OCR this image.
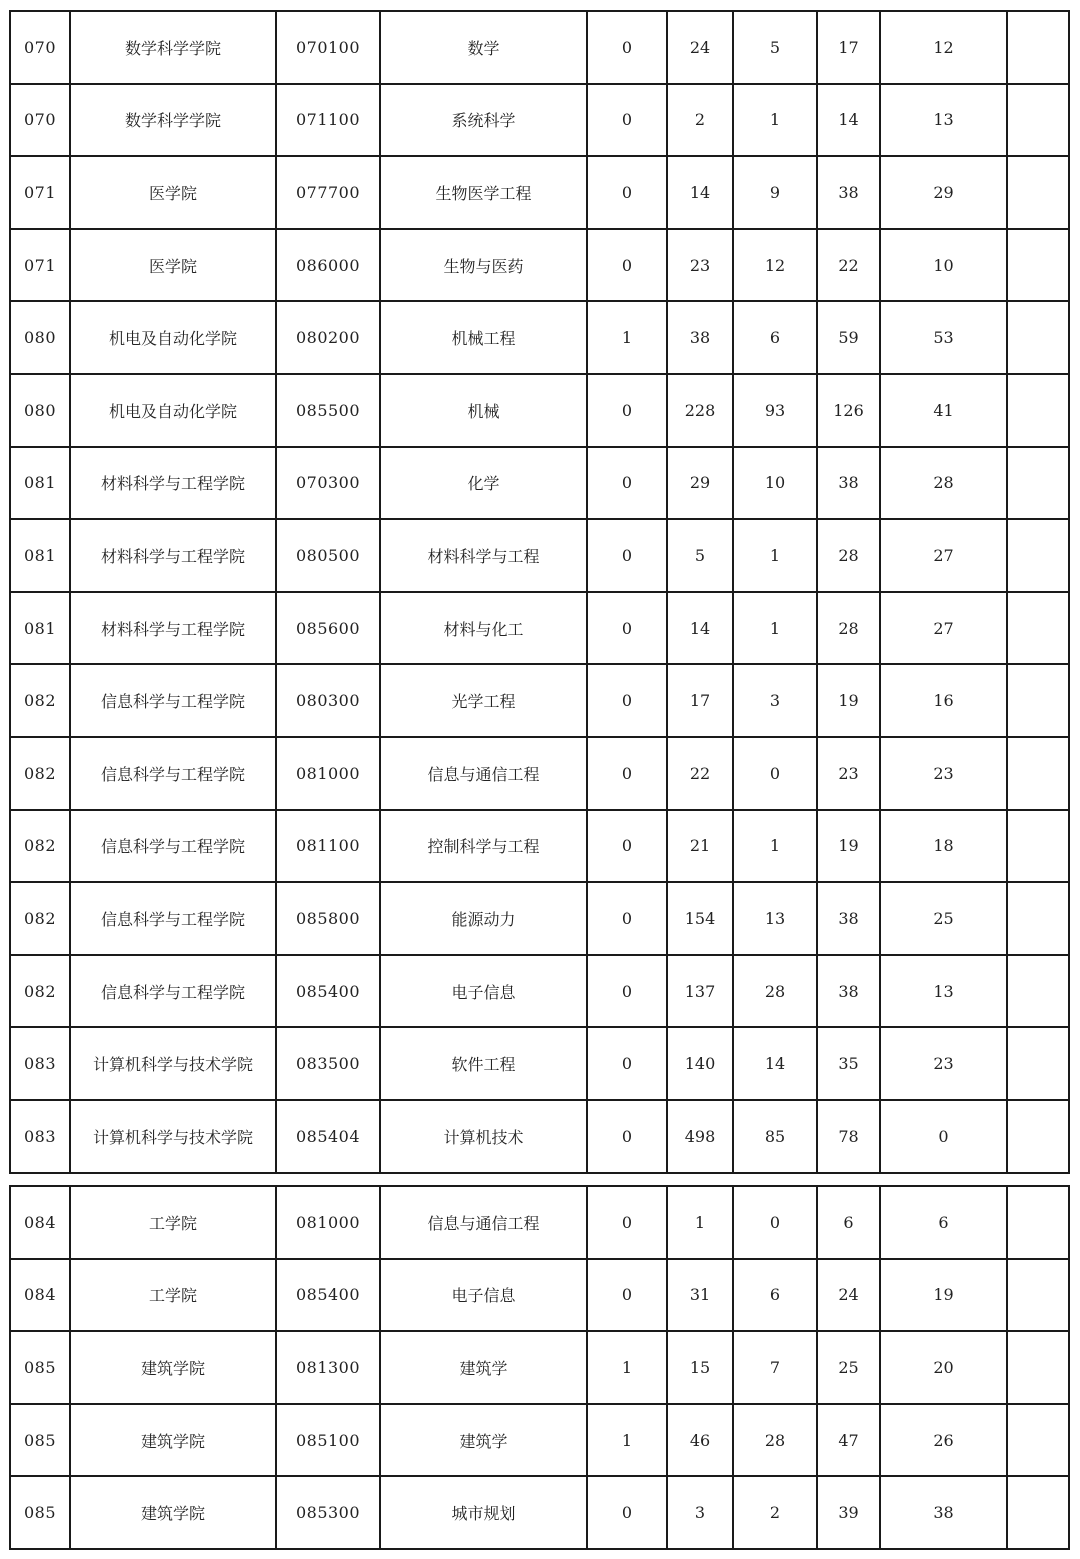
070	数学科学学院	070100	数学	0	24	5	17	12	
070	数学科学学院	071100	系统科学	0	2	1	14	13	
071	医学院	077700	生物医学工程	0	14	9	38	29	
071	医学院	086000	生物与医药	0	23	12	22	10	
080	机电及自动化学院	080200	机械工程	1	38	6	59	53	
080	机电及自动化学院	085500	机械	0	228	93	126	41	
081	材料科学与工程学院	070300	化学	0	29	10	38	28	
081	材料科学与工程学院	080500	材料科学与工程	0	5	1	28	27	
081	材料科学与工程学院	085600	材料与化工	0	14	1	28	27	
082	信息科学与工程学院	080300	光学工程	0	17	3	19	16	
082	信息科学与工程学院	081000	信息与通信工程	0	22	0	23	23	
082	信息科学与工程学院	081100	控制科学与工程	0	21	1	19	18	
082	信息科学与工程学院	085800	能源动力	0	154	13	38	25	
082	信息科学与工程学院	085400	电子信息	0	137	28	38	13	
083	计算机科学与技术学院	083500	软件工程	0	140	14	35	23	
083	计算机科学与技术学院	085404	计算机技术	0	498	85	78	0	
084	工学院	081000	信息与通信工程	0	1	0	6	6	
084	工学院	085400	电子信息	0	31	6	24	19	
085	建筑学院	081300	建筑学	1	15	7	25	20	
085	建筑学院	085100	建筑学	1	46	28	47	26	
085	建筑学院	085300	城市规划	0	3	2	39	38	
